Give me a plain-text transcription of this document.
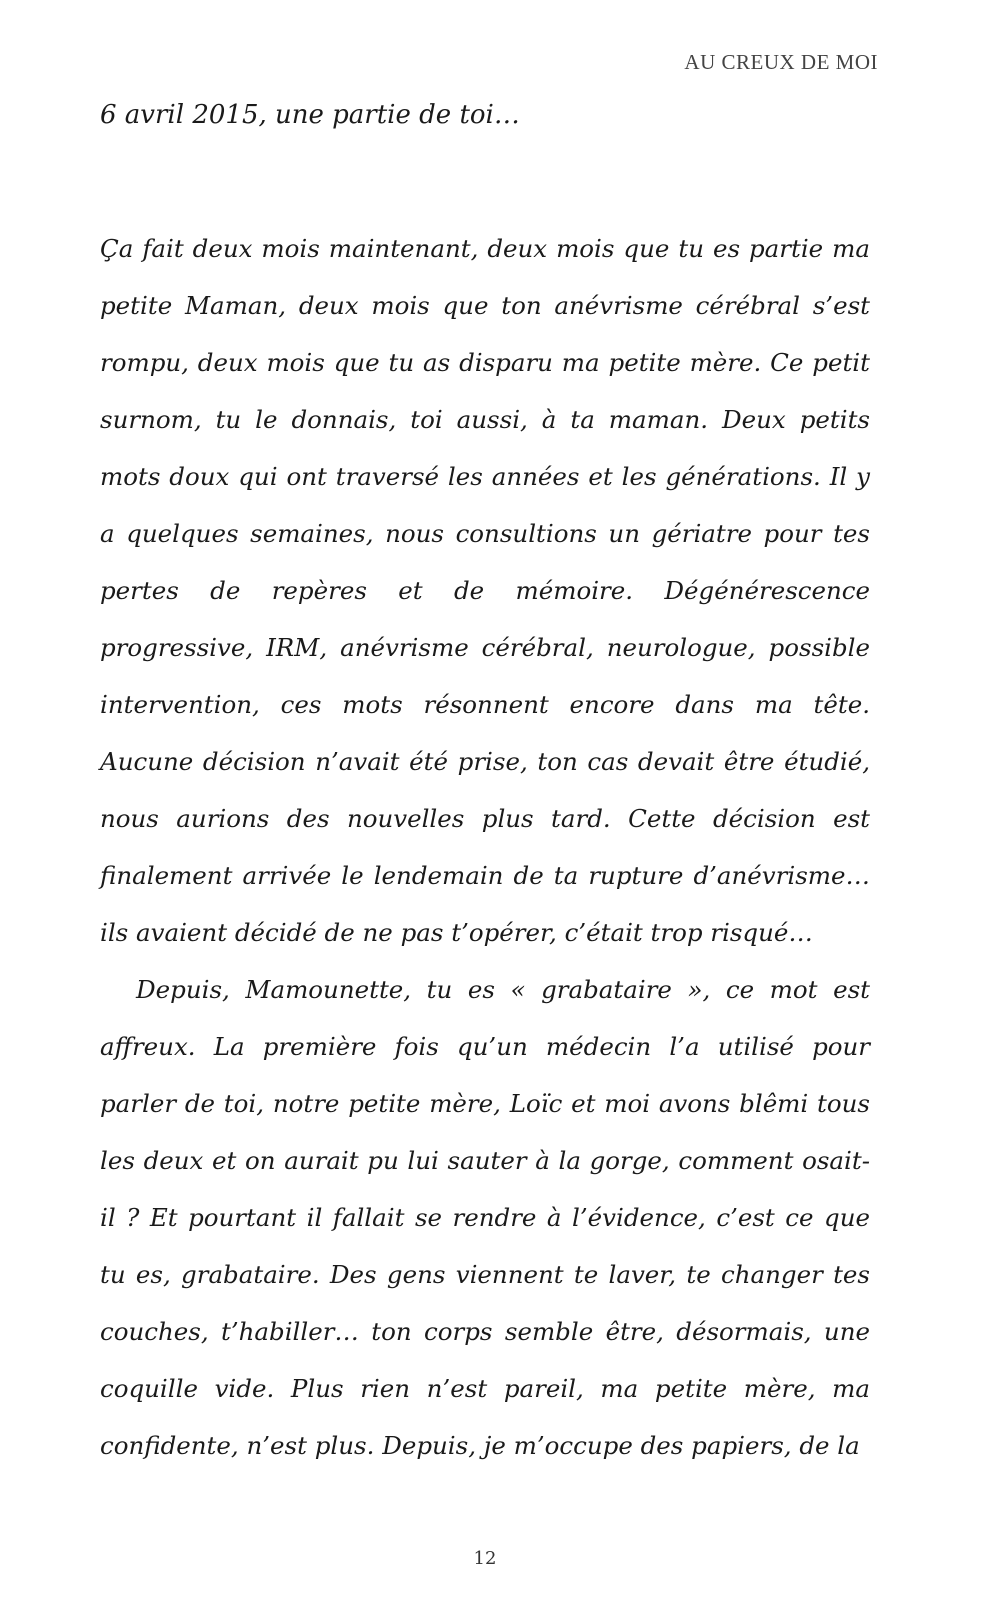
AU CREUX DE MOI
6 avril 2015, une partie de toi…

Ça fait deux mois maintenant, deux mois que tu es partie ma petite Maman, deux mois que ton anévrisme cérébral s’est rompu, deux mois que tu as disparu ma petite mère. Ce petit surnom, tu le donnais, toi aussi, à ta maman. Deux petits mots doux qui ont traversé les années et les générations. Il y a quelques semaines, nous consultions un gériatre pour tes pertes de repères et de mémoire. Dégénérescence progressive, IRM, anévrisme cérébral, neurologue, possible intervention, ces mots résonnent encore dans ma tête. Aucune décision n’avait été prise, ton cas devait être étudié, nous aurions des nouvelles plus tard. Cette décision est finalement arrivée le lendemain de ta rupture d’anévrisme… ils avaient décidé de ne pas t’opérer, c’était trop risqué…

Depuis, Mamounette, tu es « grabataire », ce mot est affreux. La première fois qu’un médecin l’a utilisé pour parler de toi, notre petite mère, Loïc et moi avons blêmi tous les deux et on aurait pu lui sauter à la gorge, comment osait-il ? Et pourtant il fallait se rendre à l’évidence, c’est ce que tu es, grabataire. Des gens viennent te laver, te changer tes couches, t’habiller… ton corps semble être, désormais, une coquille vide. Plus rien n’est pareil, ma petite mère, ma confidente, n’est plus. Depuis, je m’occupe des papiers, de la

12
